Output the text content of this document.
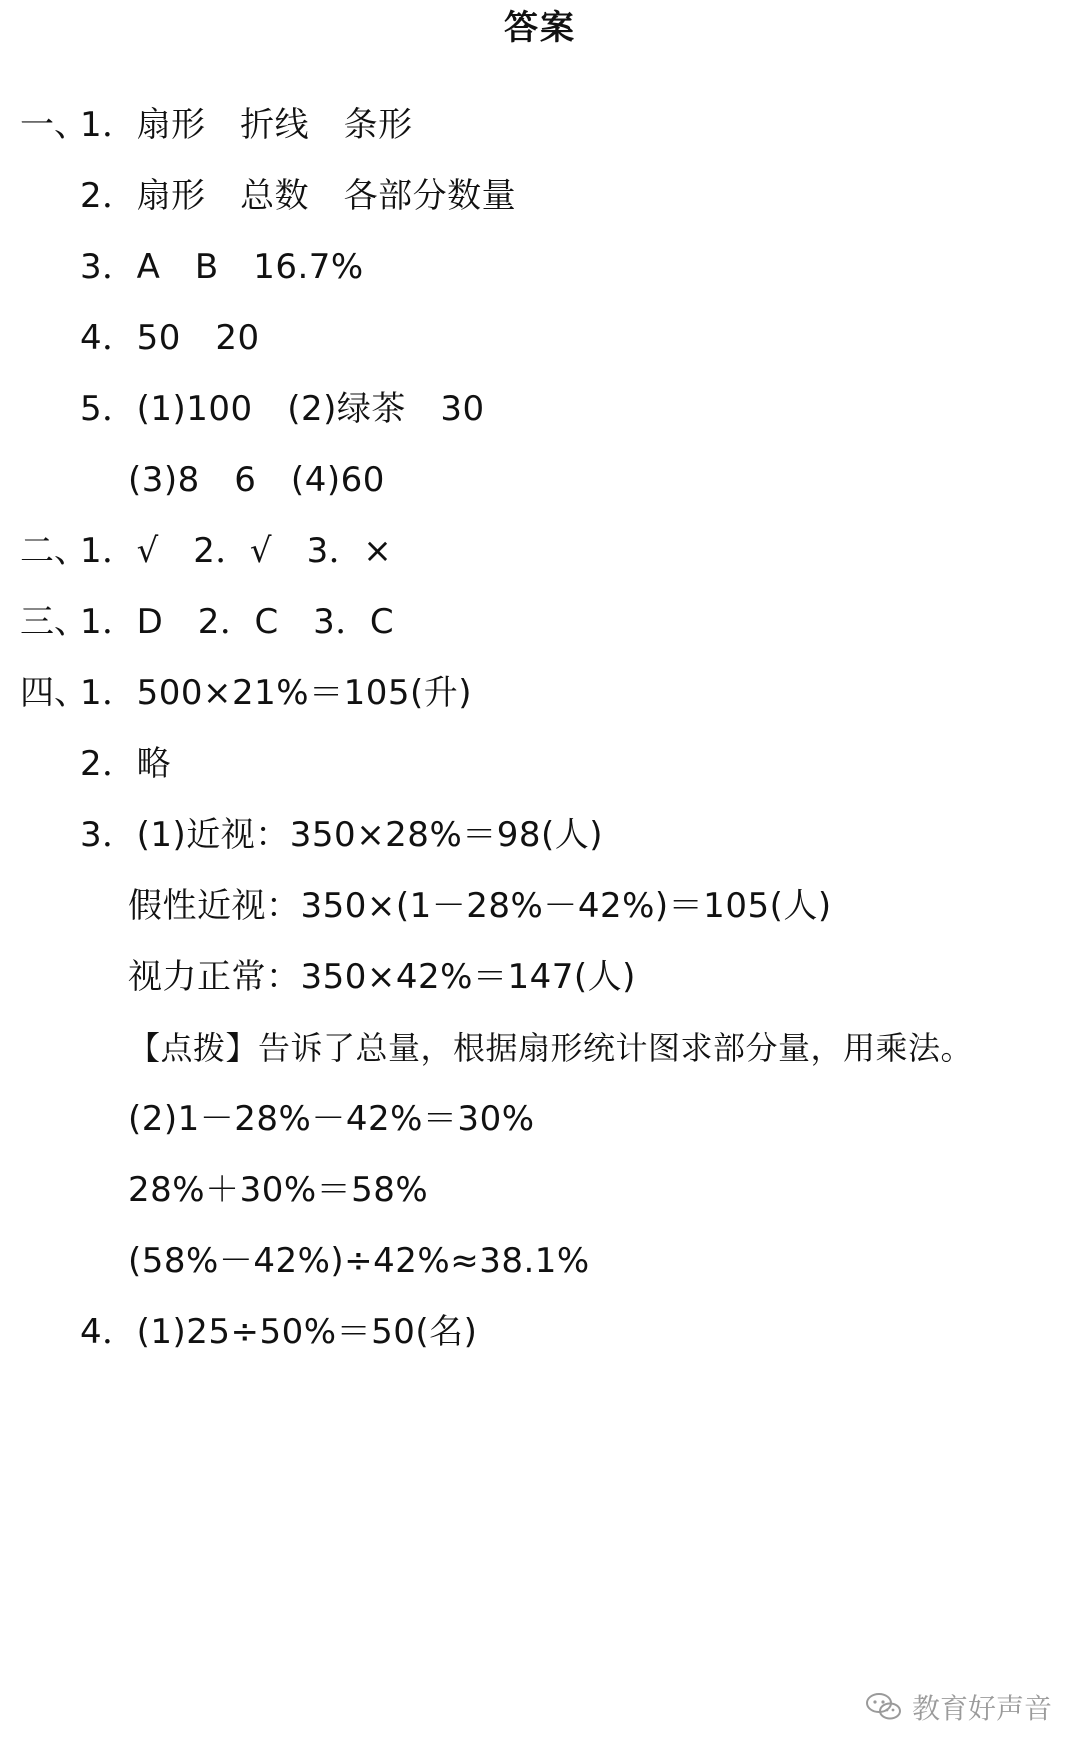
答案
一、
1．扇形　折线　条形
2．扇形　总数　各部分数量
3．A　B　16.7%
4．50　20
5．(1)100　(2)绿茶　30
(3)8　6　(4)60
二、
1．√　2．√　3．×
三、
1．D　2．C　3．C
四、
1．500×21%＝105(升)
2．略
3．(1)近视：350×28%＝98(人)
假性近视：350×(1－28%－42%)＝105(人)
视力正常：350×42%＝147(人)
【点拨】告诉了总量，根据扇形统计图求部分量，用乘法。
(2)1－28%－42%＝30%
28%＋30%＝58%
(58%－42%)÷42%≈38.1%
4．(1)25÷50%＝50(名)
教育好声音
